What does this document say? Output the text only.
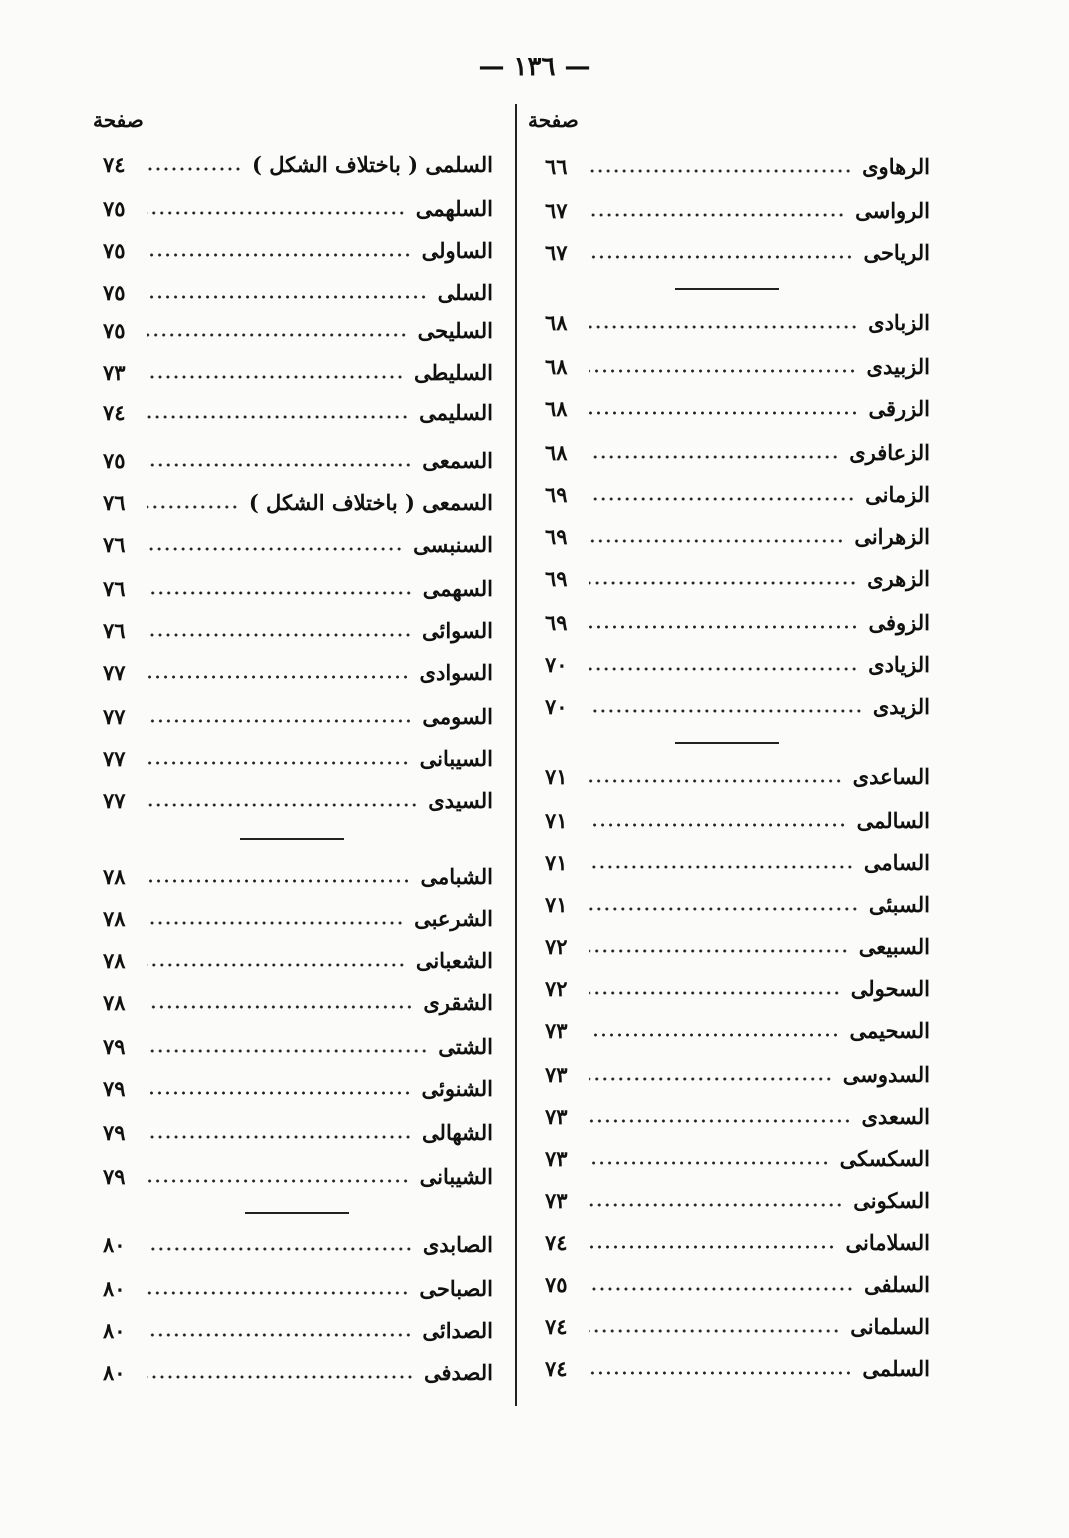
— ١٣٦ —
صفحة
صفحة
الرهاوى
٦٦
الرواسى
٦٧
الرياحى
٦٧
الزبادى
٦٨
الزبيدى
٦٨
الزرقى
٦٨
الزعافرى
٦٨
الزمانى
٦٩
الزهرانى
٦٩
الزهرى
٦٩
الزوفى
٦٩
الزيادى
٧٠
الزيدى
٧٠
الساعدى
٧١
السالمى
٧١
السامى
٧١
السبئى
٧١
السبيعى
٧٢
السحولى
٧٢
السحيمى
٧٣
السدوسى
٧٣
السعدى
٧٣
السكسكى
٧٣
السكونى
٧٣
السلامانى
٧٤
السلفى
٧٥
السلمانى
٧٤
السلمى
٧٤
السلمى ( باختلاف الشكل )
٧٤
السلهمى
٧٥
الساولى
٧٥
السلى
٧٥
السليحى
٧٥
السليطى
٧٣
السليمى
٧٤
السمعى
٧٥
السمعى ( باختلاف الشكل )
٧٦
السنبسى
٧٦
السهمى
٧٦
السوائى
٧٦
السوادى
٧٧
السومى
٧٧
السيبانى
٧٧
السيدى
٧٧
الشبامى
٧٨
الشرعبى
٧٨
الشعبانى
٧٨
الشقرى
٧٨
الشتى
٧٩
الشنوئى
٧٩
الشهالى
٧٩
الشيبانى
٧٩
الصابدى
٨٠
الصباحى
٨٠
الصدائى
٨٠
الصدفى
٨٠
